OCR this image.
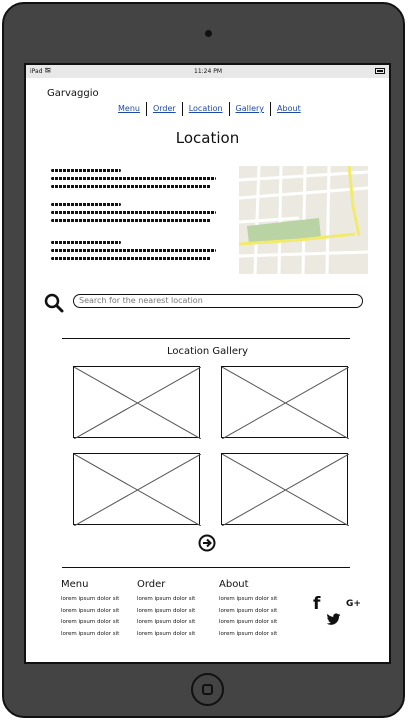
iPad ≊	11:24 PM
Garvaggio
Menu	Order	Location	Gallery	About
Location
Search for the nearest location
Location Gallery
Menu
lorem ipsum dolor sit
lorem ipsum dolor sit
lorem ipsum dolor sit
lorem ipsum dolor sit
Order
lorem ipsum dolor sit
lorem ipsum dolor sit
lorem ipsum dolor sit
lorem ipsum dolor sit
About
lorem ipsum dolor sit
lorem ipsum dolor sit
lorem ipsum dolor sit
lorem ipsum dolor sit
f	G+
